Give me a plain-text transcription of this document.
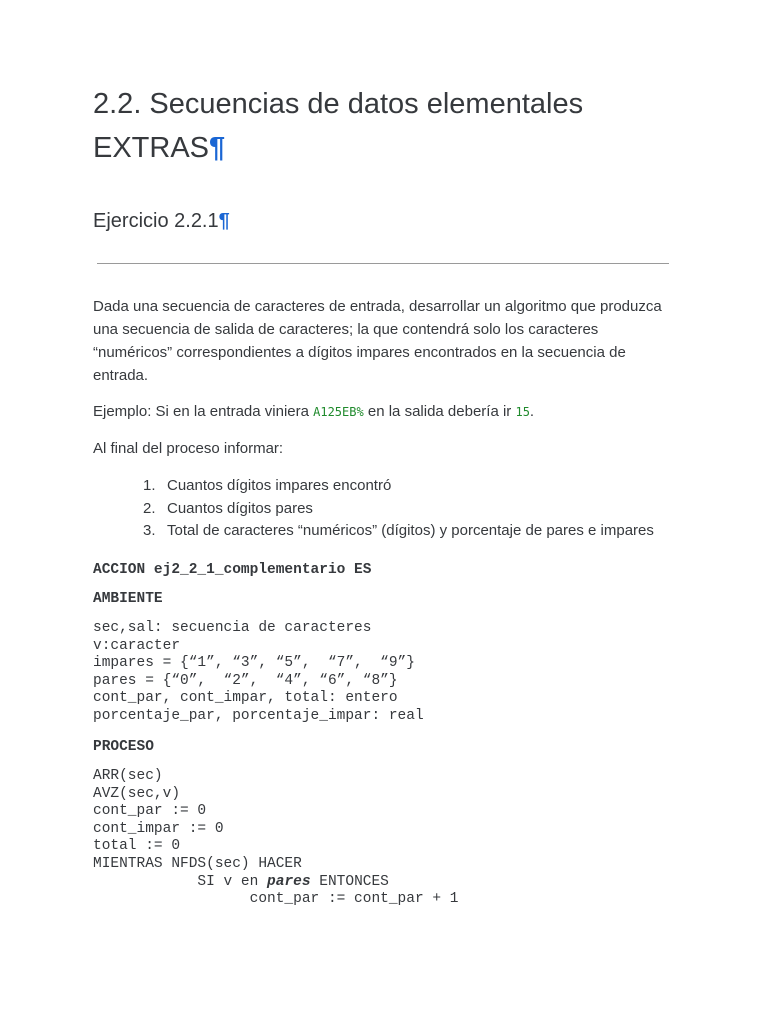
2.2. Secuencias de datos elementales EXTRAS¶
Ejercicio 2.2.1¶

Dada una secuencia de caracteres de entrada, desarrollar un algoritmo que produzca una secuencia de salida de caracteres; la que contendrá solo los caracteres “numéricos” correspondientes a dígitos impares encontrados en la secuencia de entrada.

Ejemplo: Si en la entrada viniera A125EB% en la salida debería ir 15.

Al final del proceso informar:

1. Cuantos dígitos impares encontró
2. Cuantos dígitos pares
3. Total de caracteres “numéricos” (dígitos) y porcentaje de pares e impares
ACCION ej2_2_1_complementario ES
AMBIENTE
sec,sal: secuencia de caracteres
v:caracter
impares = {“1”, “3”, “5”,  “7”,  “9”}
pares = {“0”,  “2”,  “4”, “6”, “8”}
cont_par, cont_impar, total: entero
porcentaje_par, porcentaje_impar: real
PROCESO
ARR(sec)
AVZ(sec,v)
cont_par := 0
cont_impar := 0
total := 0
MIENTRAS NFDS(sec) HACER
SI v en pares ENTONCES
cont_par := cont_par + 1
